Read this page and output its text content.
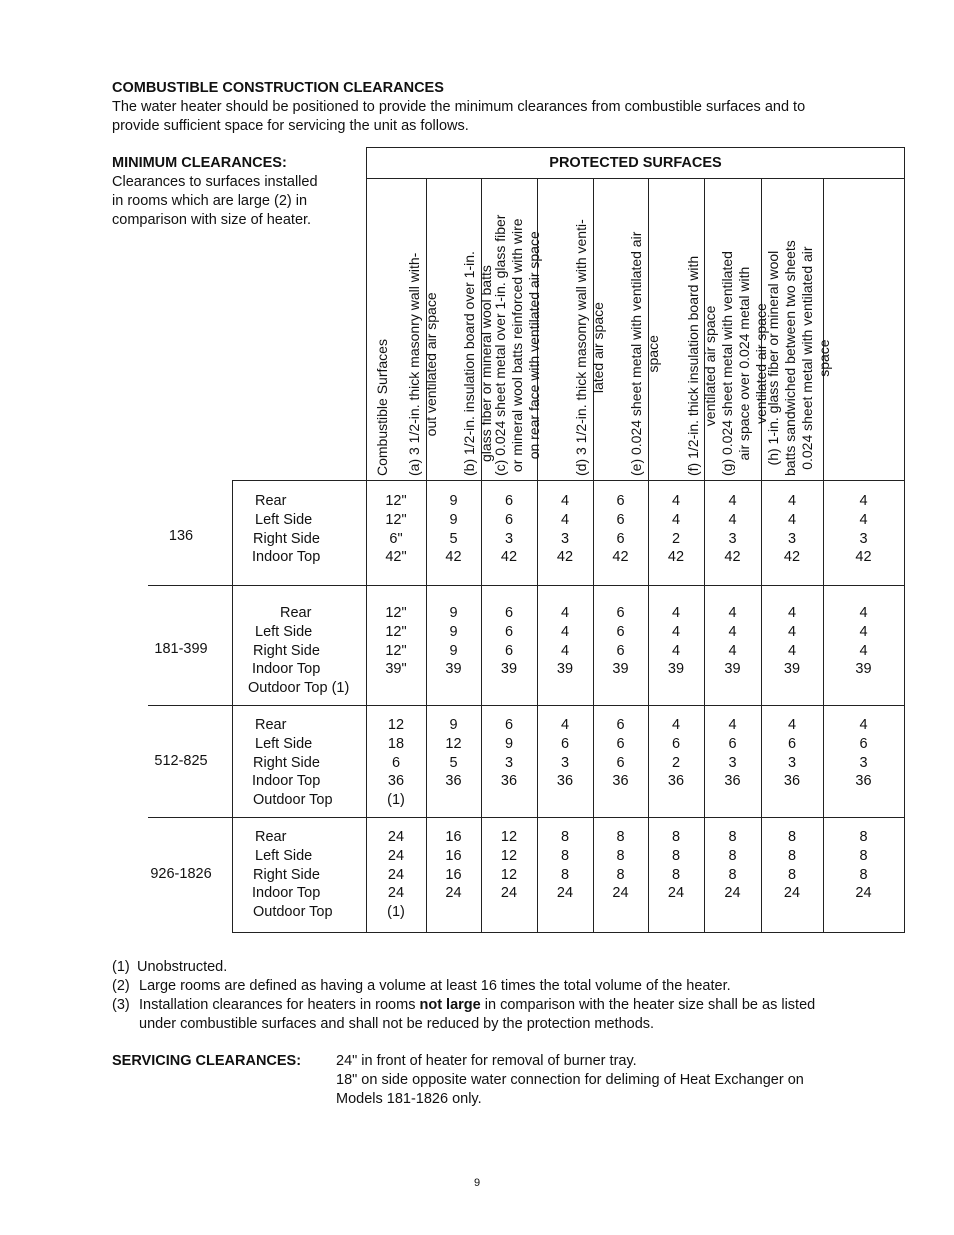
COMBUSTIBLE CONSTRUCTION CLEARANCES
The water heater should be positioned to provide the minimum clearances from combustible surfaces and to
provide sufficient space for servicing the unit as follows.
MINIMUM CLEARANCES:
Clearances to surfaces installed
in rooms which are large (2) in
comparison with size of heater.
PROTECTED SURFACES
Combustible Surfaces (a) 3 1/2-in. thick masonry wall with- out ventilated air space (b) 1/2-in. insulation board over 1-in. glass fiber or mineral wool batts
(c) 0.024 sheet metal over 1-in. glass fiber or mineral wool batts reinforced with wire on rear face with ventilated air space (d) 3 1/2-in. thick masonry wall with venti- lated air space (e) 0.024 sheet metal with ventilated air space (f) 1/2-in. thick insulation board with ventilated air space (g) 0.024 sheet metal with ventilated air space over 0.024 metal with ventilated air space
(h) 1-in. glass fiber or mineral wool batts sandwiched between two sheets 0.024 sheet metal with ventilated air space
136
Rear
Left Side
Right Side
Indoor Top
12"
12"
6"
42"
9
9
5
42
6
6
3
42
4
4
3
42
6
6
6
42
4
4
2
42
4
4
3
42
4
4
3
42
4
4
3
42
181-399
Rear
Left Side
Right Side
Indoor Top
Outdoor Top (1)
12"
12"
12"
39"
9
9
9
39
6
6
6
39
4
4
4
39
6
6
6
39
4
4
4
39
4
4
4
39
4
4
4
39
4
4
4
39
512-825
Rear
Left Side
Right Side
Indoor Top
Outdoor Top
12
18
6
36
(1)
9
12
5
36
6
9
3
36
4
6
3
36
6
6
6
36
4
6
2
36
4
6
3
36
4
6
3
36
4
6
3
36
926-1826
Rear
Left Side
Right Side
Indoor Top
Outdoor Top
24
24
24
24
(1)
16
16
16
24
12
12
12
24
8
8
8
24
8
8
8
24
8
8
8
24
8
8
8
24
8
8
8
24
8
8
8
24
(1) Unobstructed.
(2) Large rooms are defined as having a volume at least 16 times the total volume of the heater.
(3) Installation clearances for heaters in rooms not large in comparison with the heater size shall be as listed
under combustible surfaces and shall not be reduced by the protection methods.
SERVICING CLEARANCES: 24" in front of heater for removal of burner tray.
18" on side opposite water connection for deliming of Heat Exchanger on
Models 181-1826 only.
9
